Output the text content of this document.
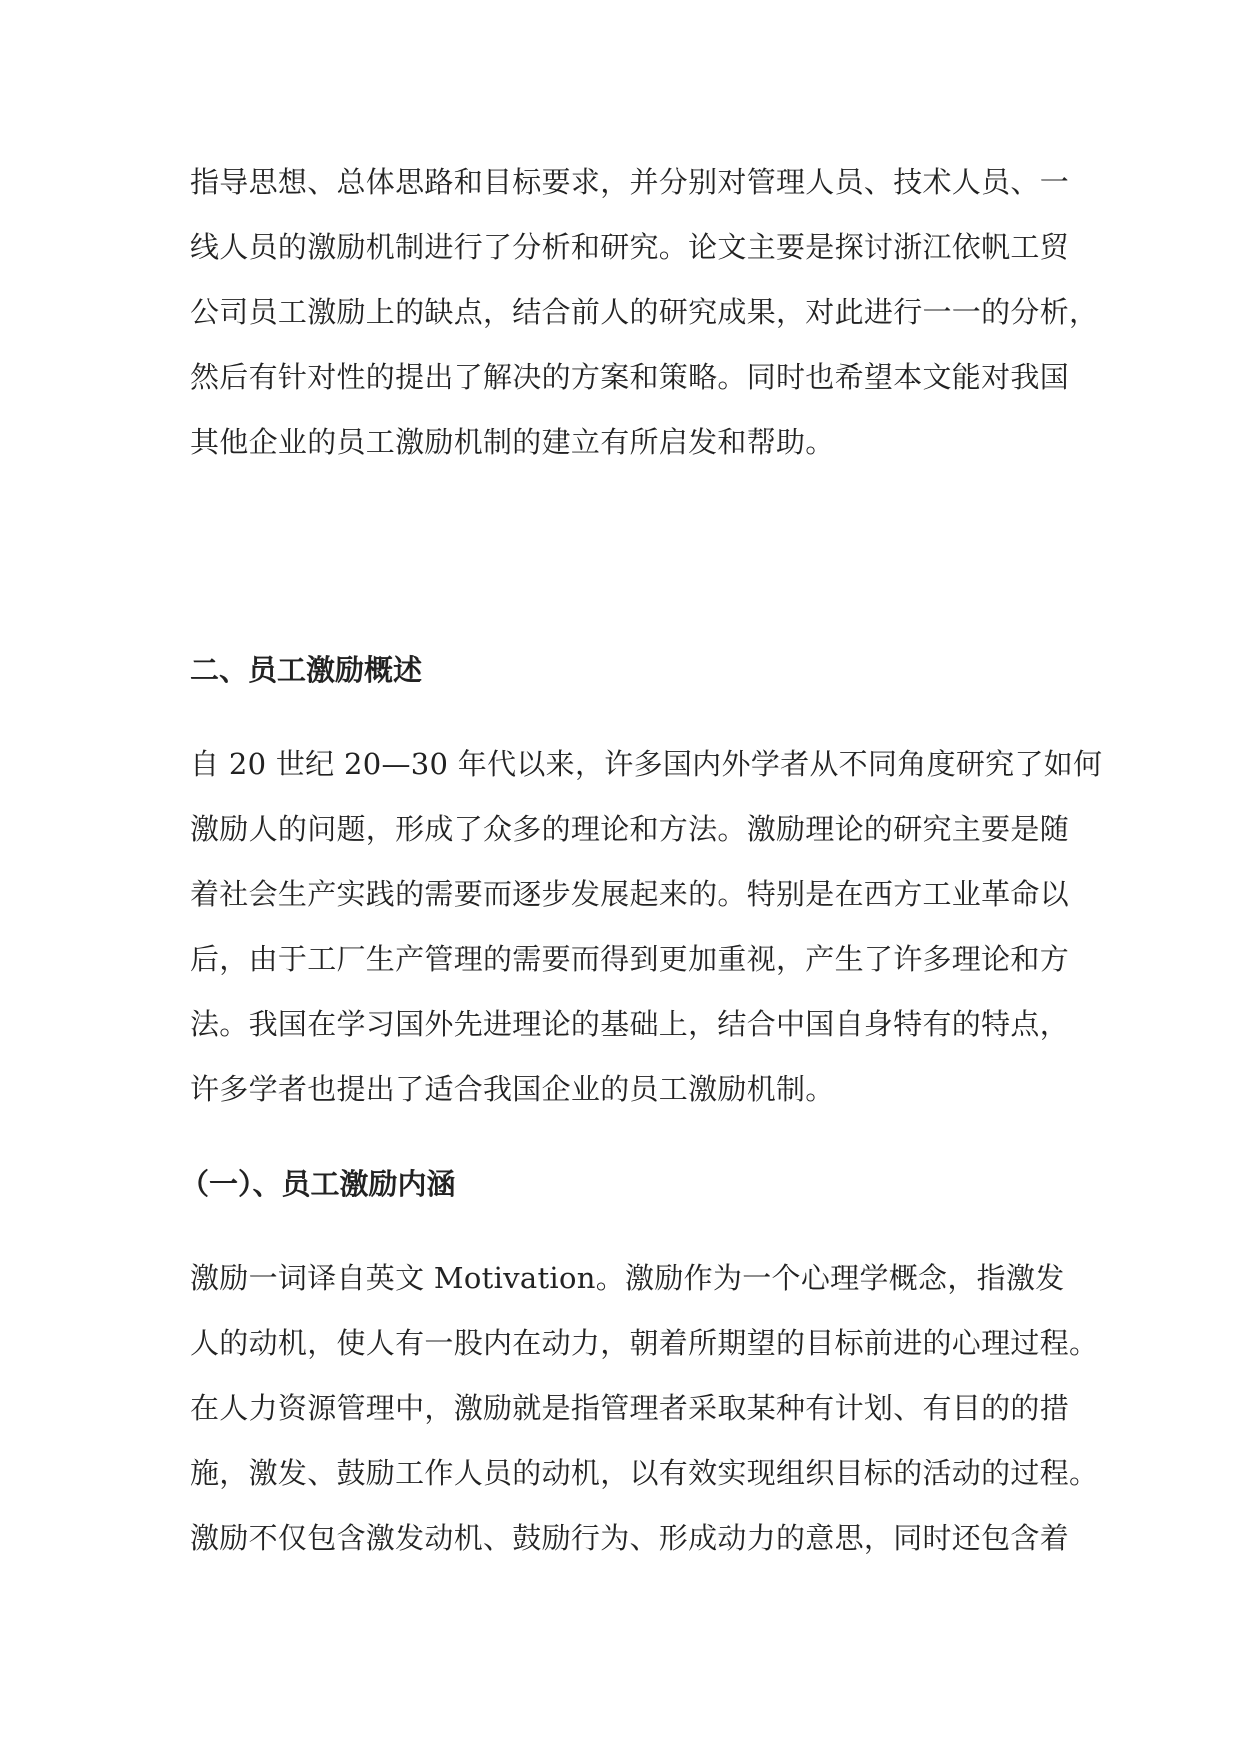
指导思想、总体思路和目标要求，并分别对管理人员、技术人员、一
线人员的激励机制进行了分析和研究。论文主要是探讨浙江依帆工贸
公司员工激励上的缺点，结合前人的研究成果，对此进行一一的分析，
然后有针对性的提出了解决的方案和策略。同时也希望本文能对我国
其他企业的员工激励机制的建立有所启发和帮助。
二、员工激励概述
自 20 世纪 20—30 年代以来，许多国内外学者从不同角度研究了如何
激励人的问题，形成了众多的理论和方法。激励理论的研究主要是随
着社会生产实践的需要而逐步发展起来的。特别是在西方工业革命以
后，由于工厂生产管理的需要而得到更加重视，产生了许多理论和方
法。我国在学习国外先进理论的基础上，结合中国自身特有的特点，
许多学者也提出了适合我国企业的员工激励机制。
（一）、员工激励内涵
激励一词译自英文 Motivation。激励作为一个心理学概念，指激发
人的动机，使人有一股内在动力，朝着所期望的目标前进的心理过程。
在人力资源管理中，激励就是指管理者采取某种有计划、有目的的措
施，激发、鼓励工作人员的动机，以有效实现组织目标的活动的过程。
激励不仅包含激发动机、鼓励行为、形成动力的意思，同时还包含着
